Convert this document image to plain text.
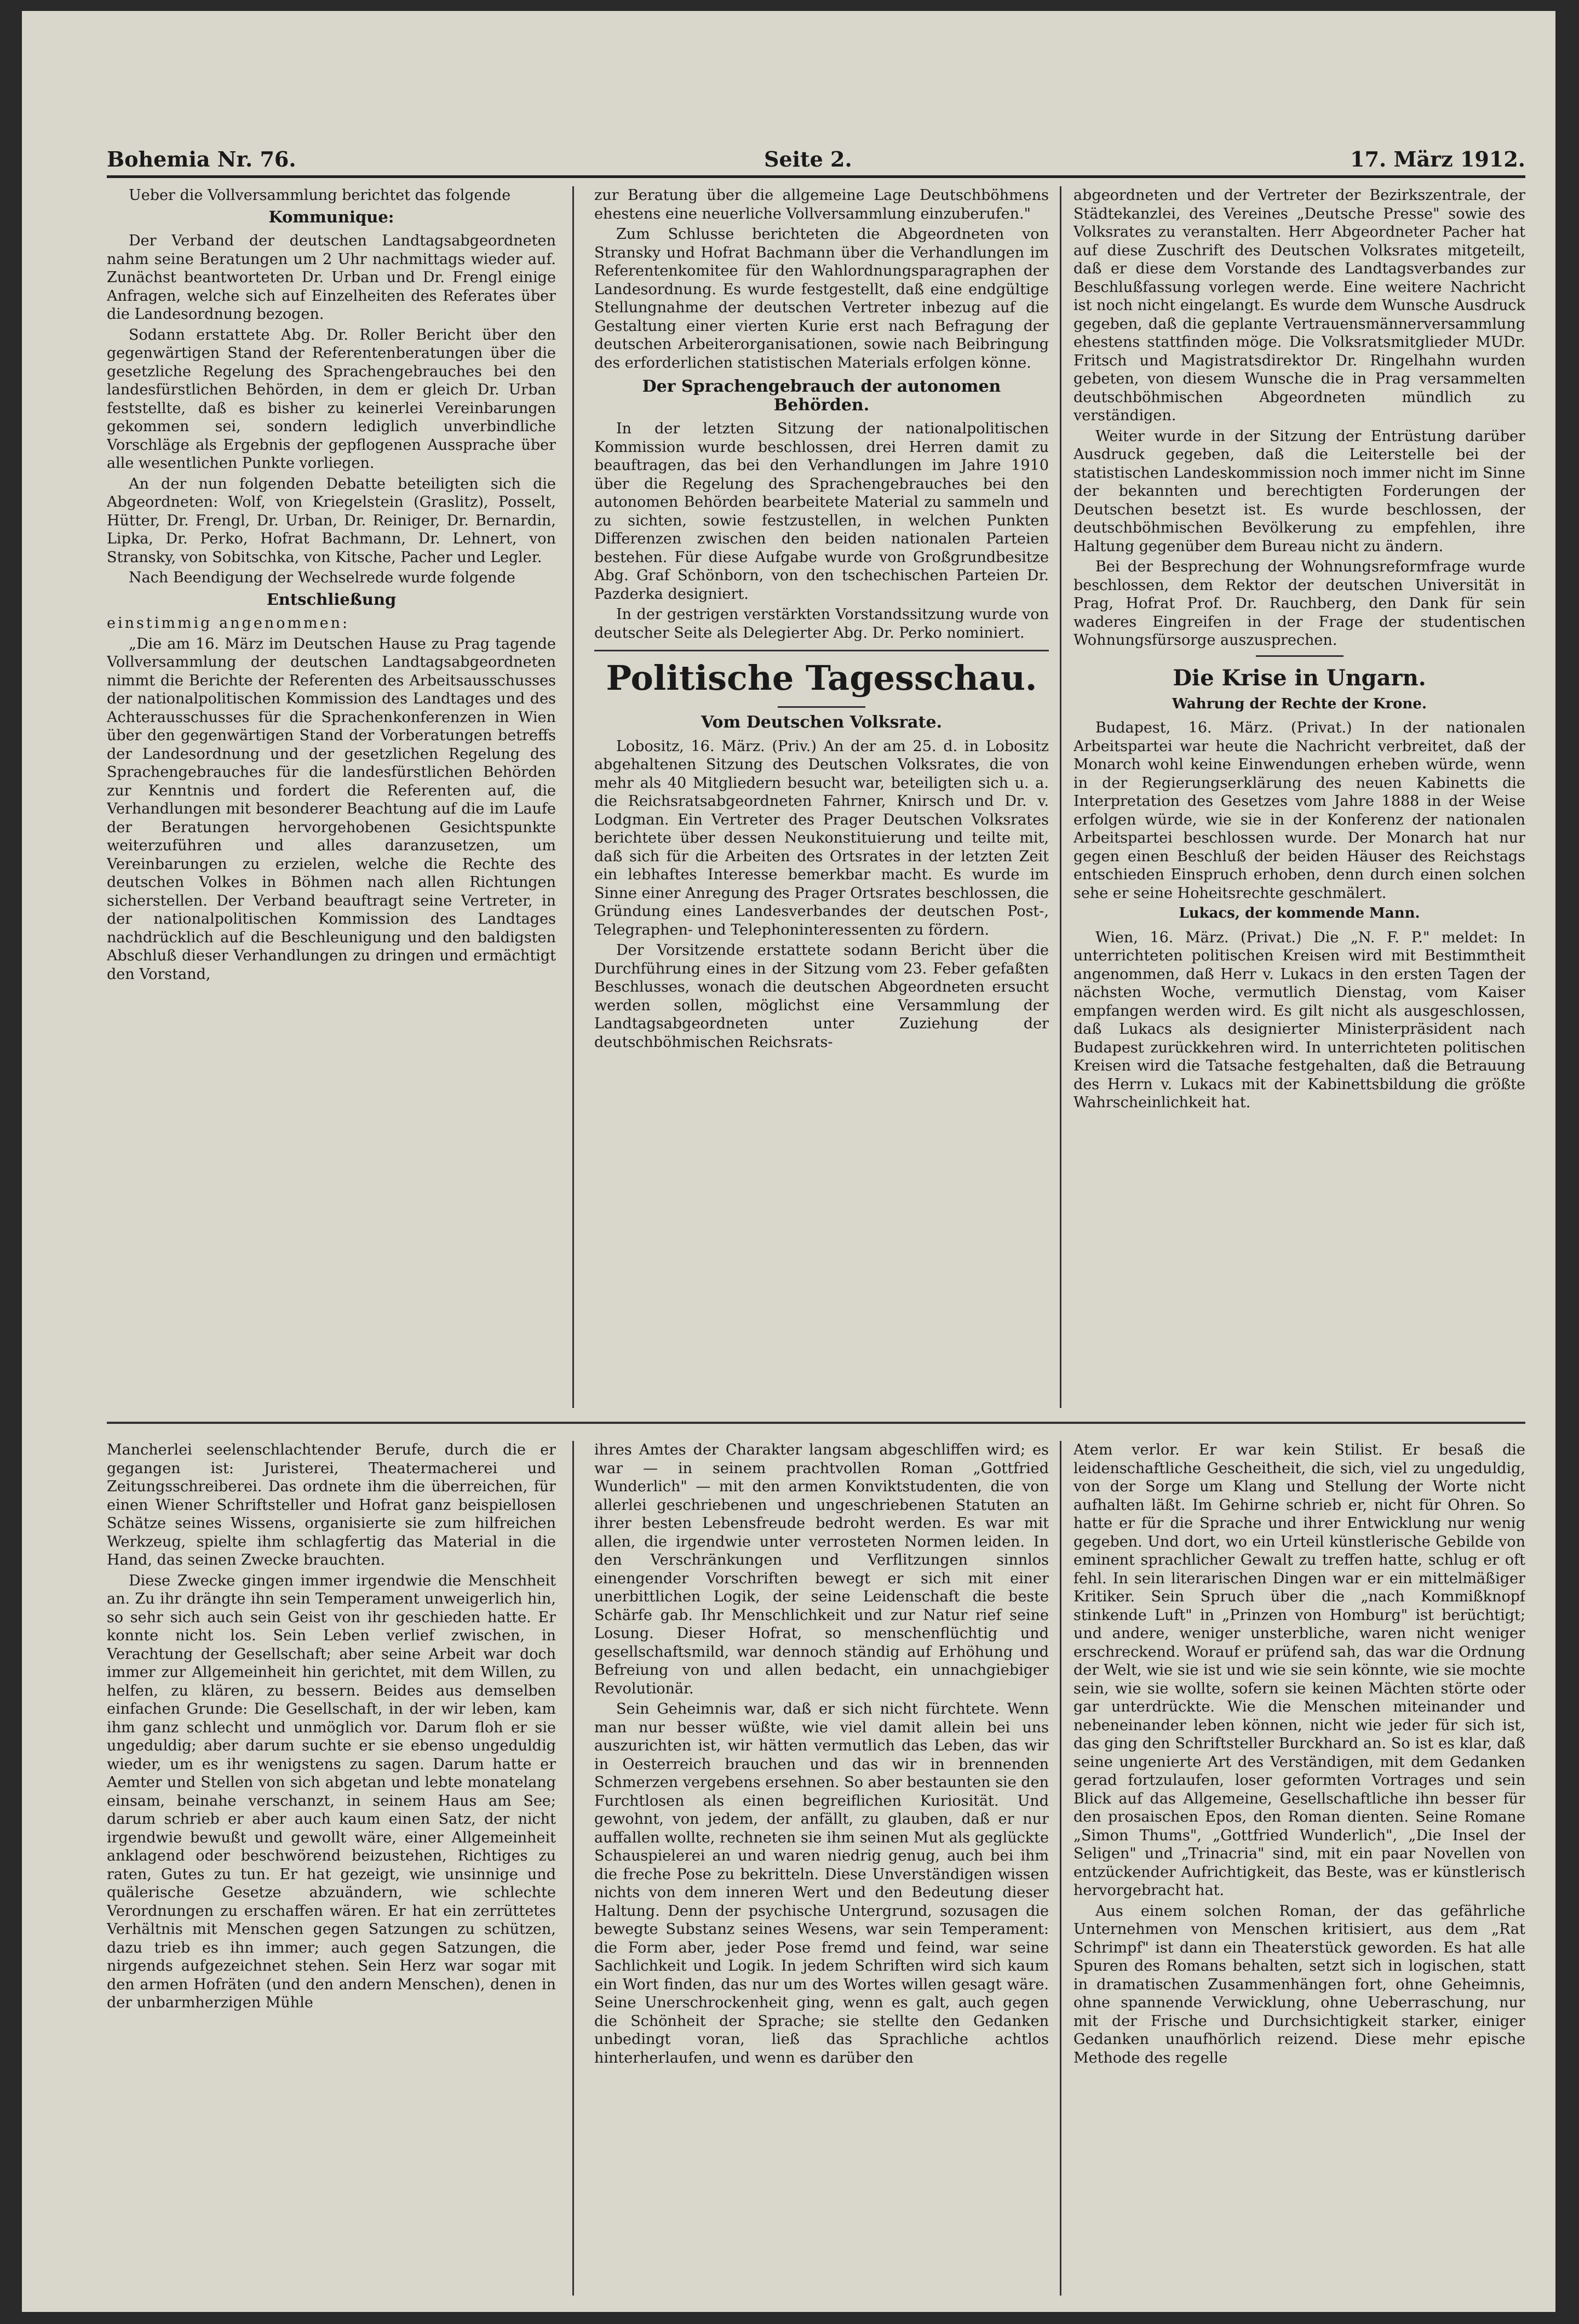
Bohemia Nr. 76.	Seite 2.	17. März 1912.

Ueber die Vollversammlung berichtet das folgende

Kommunique:

Der Verband der deutschen Landtagsabgeordneten nahm seine Beratungen um 2 Uhr nachmittags wieder auf. Zunächst beantworteten Dr. Urban und Dr. Frengl einige Anfragen, welche sich auf Einzelheiten des Referates über die Landesordnung bezogen.

Sodann erstattete Abg. Dr. Roller Bericht über den gegenwärtigen Stand der Referentenberatungen über die gesetzliche Regelung des Sprachengebrauches bei den landesfürstlichen Behörden, in dem er gleich Dr. Urban feststellte, daß es bisher zu keinerlei Vereinbarungen gekommen sei, sondern lediglich unverbindliche Vorschläge als Ergebnis der gepflogenen Aussprache über alle wesentlichen Punkte vorliegen.

An der nun folgenden Debatte beteiligten sich die Abgeordneten: Wolf, von Kriegelstein (Graslitz), Posselt, Hütter, Dr. Frengl, Dr. Urban, Dr. Reiniger, Dr. Bernardin, Lipka, Dr. Perko, Hofrat Bachmann, Dr. Lehnert, von Stransky, von Sobitschka, von Kitsche, Pacher und Legler.

Nach Beendigung der Wechselrede wurde folgende

Entschließung

einstimmig angenommen:

„Die am 16. März im Deutschen Hause zu Prag tagende Vollversammlung der deutschen Landtagsabgeordneten nimmt die Berichte der Referenten des Arbeitsausschusses der nationalpolitischen Kommission des Landtages und des Achterausschusses für die Sprachenkonferenzen in Wien über den gegenwärtigen Stand der Vorberatungen betreffs der Landesordnung und der gesetzlichen Regelung des Sprachengebrauches für die landesfürstlichen Behörden zur Kenntnis und fordert die Referenten auf, die Verhandlungen mit besonderer Beachtung auf die im Laufe der Beratungen hervorgehobenen Gesichtspunkte weiterzuführen und alles daranzusetzen, um Vereinbarungen zu erzielen, welche die Rechte des deutschen Volkes in Böhmen nach allen Richtungen sicherstellen. Der Verband beauftragt seine Vertreter, in der nationalpolitischen Kommission des Landtages nachdrücklich auf die Beschleunigung und den baldigsten Abschluß dieser Verhandlungen zu dringen und ermächtigt den Vorstand,

zur Beratung über die allgemeine Lage Deutschböhmens ehestens eine neuerliche Vollversammlung einzuberufen."

Zum Schlusse berichteten die Abgeordneten von Stransky und Hofrat Bachmann über die Verhandlungen im Referentenkomitee für den Wahlordnungsparagraphen der Landesordnung. Es wurde festgestellt, daß eine endgültige Stellungnahme der deutschen Vertreter inbezug auf die Gestaltung einer vierten Kurie erst nach Befragung der deutschen Arbeiterorganisationen, sowie nach Beibringung des erforderlichen statistischen Materials erfolgen könne.

Der Sprachengebrauch der autonomen Behörden.

In der letzten Sitzung der nationalpolitischen Kommission wurde beschlossen, drei Herren damit zu beauftragen, das bei den Verhandlungen im Jahre 1910 über die Regelung des Sprachengebrauches bei den autonomen Behörden bearbeitete Material zu sammeln und zu sichten, sowie festzustellen, in welchen Punkten Differenzen zwischen den beiden nationalen Parteien bestehen. Für diese Aufgabe wurde von Großgrundbesitze Abg. Graf Schönborn, von den tschechischen Parteien Dr. Pazderka designiert.

In der gestrigen verstärkten Vorstandssitzung wurde von deutscher Seite als Delegierter Abg. Dr. Perko nominiert.

Politische Tagesschau.
Vom Deutschen Volksrate.

Lobositz, 16. März. (Priv.) An der am 25. d. in Lobositz abgehaltenen Sitzung des Deutschen Volksrates, die von mehr als 40 Mitgliedern besucht war, beteiligten sich u. a. die Reichsratsabgeordneten Fahrner, Knirsch und Dr. v. Lodgman. Ein Vertreter des Prager Deutschen Volksrates berichtete über dessen Neukonstituierung und teilte mit, daß sich für die Arbeiten des Ortsrates in der letzten Zeit ein lebhaftes Interesse bemerkbar macht. Es wurde im Sinne einer Anregung des Prager Ortsrates beschlossen, die Gründung eines Landesverbandes der deutschen Post-, Telegraphen- und Telephoninteressenten zu fördern.

Der Vorsitzende erstattete sodann Bericht über die Durchführung eines in der Sitzung vom 23. Feber gefaßten Beschlusses, wonach die deutschen Abgeordneten ersucht werden sollen, möglichst eine Versammlung der Landtagsabgeordneten unter Zuziehung der deutschböhmischen Reichsrats-

abgeordneten und der Vertreter der Bezirkszentrale, der Städtekanzlei, des Vereines „Deutsche Presse" sowie des Volksrates zu veranstalten. Herr Abgeordneter Pacher hat auf diese Zuschrift des Deutschen Volksrates mitgeteilt, daß er diese dem Vorstande des Landtagsverbandes zur Beschlußfassung vorlegen werde. Eine weitere Nachricht ist noch nicht eingelangt. Es wurde dem Wunsche Ausdruck gegeben, daß die geplante Vertrauensmännerversammlung ehestens stattfinden möge. Die Volksratsmitglieder MUDr. Fritsch und Magistratsdirektor Dr. Ringelhahn wurden gebeten, von diesem Wunsche die in Prag versammelten deutschböhmischen Abgeordneten mündlich zu verständigen.

Weiter wurde in der Sitzung der Entrüstung darüber Ausdruck gegeben, daß die Leiterstelle bei der statistischen Landeskommission noch immer nicht im Sinne der bekannten und berechtigten Forderungen der Deutschen besetzt ist. Es wurde beschlossen, der deutschböhmischen Bevölkerung zu empfehlen, ihre Haltung gegenüber dem Bureau nicht zu ändern.

Bei der Besprechung der Wohnungsreformfrage wurde beschlossen, dem Rektor der deutschen Universität in Prag, Hofrat Prof. Dr. Rauchberg, den Dank für sein waderes Eingreifen in der Frage der studentischen Wohnungsfürsorge auszusprechen.

Die Krise in Ungarn.
Wahrung der Rechte der Krone.

Budapest, 16. März. (Privat.) In der nationalen Arbeitspartei war heute die Nachricht verbreitet, daß der Monarch wohl keine Einwendungen erheben würde, wenn in der Regierungserklärung des neuen Kabinetts die Interpretation des Gesetzes vom Jahre 1888 in der Weise erfolgen würde, wie sie in der Konferenz der nationalen Arbeitspartei beschlossen wurde. Der Monarch hat nur gegen einen Beschluß der beiden Häuser des Reichstags entschieden Einspruch erhoben, denn durch einen solchen sehe er seine Hoheitsrechte geschmälert.

Lukacs, der kommende Mann.

Wien, 16. März. (Privat.) Die „N. F. P." meldet: In unterrichteten politischen Kreisen wird mit Bestimmtheit angenommen, daß Herr v. Lukacs in den ersten Tagen der nächsten Woche, vermutlich Dienstag, vom Kaiser empfangen werden wird. Es gilt nicht als ausgeschlossen, daß Lukacs als designierter Ministerpräsident nach Budapest zurückkehren wird. In unterrichteten politischen Kreisen wird die Tatsache festgehalten, daß die Betrauung des Herrn v. Lukacs mit der Kabinettsbildung die größte Wahrscheinlichkeit hat.

Mancherlei seelenschlachtender Berufe, durch die er gegangen ist: Juristerei, Theatermacherei und Zeitungsschreiberei. Das ordnete ihm die überreichen, für einen Wiener Schriftsteller und Hofrat ganz beispiellosen Schätze seines Wissens, organisierte sie zum hilfreichen Werkzeug, spielte ihm schlagfertig das Material in die Hand, das seinen Zwecke brauchten.

Diese Zwecke gingen immer irgendwie die Menschheit an. Zu ihr drängte ihn sein Temperament unweigerlich hin, so sehr sich auch sein Geist von ihr geschieden hatte. Er konnte nicht los. Sein Leben verlief zwischen, in Verachtung der Gesellschaft; aber seine Arbeit war doch immer zur Allgemeinheit hin gerichtet, mit dem Willen, zu helfen, zu klären, zu bessern. Beides aus demselben einfachen Grunde: Die Gesellschaft, in der wir leben, kam ihm ganz schlecht und unmöglich vor. Darum floh er sie ungeduldig; aber darum suchte er sie ebenso ungeduldig wieder, um es ihr wenigstens zu sagen. Darum hatte er Aemter und Stellen von sich abgetan und lebte monatelang einsam, beinahe verschanzt, in seinem Haus am See; darum schrieb er aber auch kaum einen Satz, der nicht irgendwie bewußt und gewollt wäre, einer Allgemeinheit anklagend oder beschwörend beizustehen, Richtiges zu raten, Gutes zu tun. Er hat gezeigt, wie unsinnige und quälerische Gesetze abzuändern, wie schlechte Verordnungen zu erschaffen wären. Er hat ein zerrüttetes Verhältnis mit Menschen gegen Satzungen zu schützen, dazu trieb es ihn immer; auch gegen Satzungen, die nirgends aufgezeichnet stehen. Sein Herz war sogar mit den armen Hofräten (und den andern Menschen), denen in der unbarmherzigen Mühle

ihres Amtes der Charakter langsam abgeschliffen wird; es war — in seinem prachtvollen Roman „Gottfried Wunderlich" — mit den armen Konviktstudenten, die von allerlei geschriebenen und ungeschriebenen Statuten an ihrer besten Lebensfreude bedroht werden. Es war mit allen, die irgendwie unter verrosteten Normen leiden. In den Verschränkungen und Verflitzungen sinnlos einengender Vorschriften bewegt er sich mit einer unerbittlichen Logik, der seine Leidenschaft die beste Schärfe gab. Ihr Menschlichkeit und zur Natur rief seine Losung. Dieser Hofrat, so menschenflüchtig und gesellschaftsmild, war dennoch ständig auf Erhöhung und Befreiung von und allen bedacht, ein unnachgiebiger Revolutionär.

Sein Geheimnis war, daß er sich nicht fürchtete. Wenn man nur besser wüßte, wie viel damit allein bei uns auszurichten ist, wir hätten vermutlich das Leben, das wir in Oesterreich brauchen und das wir in brennenden Schmerzen vergebens ersehnen. So aber bestaunten sie den Furchtlosen als einen begreiflichen Kuriosität. Und gewohnt, von jedem, der anfällt, zu glauben, daß er nur auffallen wollte, rechneten sie ihm seinen Mut als geglückte Schauspielerei an und waren niedrig genug, auch bei ihm die freche Pose zu bekritteln. Diese Unverständigen wissen nichts von dem inneren Wert und den Bedeutung dieser Haltung. Denn der psychische Untergrund, sozusagen die bewegte Substanz seines Wesens, war sein Temperament: die Form aber, jeder Pose fremd und feind, war seine Sachlichkeit und Logik. In jedem Schriften wird sich kaum ein Wort finden, das nur um des Wortes willen gesagt wäre. Seine Unerschrockenheit ging, wenn es galt, auch gegen die Schönheit der Sprache; sie stellte den Gedanken unbedingt voran, ließ das Sprachliche achtlos hinterherlaufen, und wenn es darüber den

Atem verlor. Er war kein Stilist. Er besaß die leidenschaftliche Gescheitheit, die sich, viel zu ungeduldig, von der Sorge um Klang und Stellung der Worte nicht aufhalten läßt. Im Gehirne schrieb er, nicht für Ohren. So hatte er für die Sprache und ihrer Entwicklung nur wenig gegeben. Und dort, wo ein Urteil künstlerische Gebilde von eminent sprachlicher Gewalt zu treffen hatte, schlug er oft fehl. In sein literarischen Dingen war er ein mittelmäßiger Kritiker. Sein Spruch über die „nach Kommißknopf stinkende Luft" in „Prinzen von Homburg" ist berüchtigt; und andere, weniger unsterbliche, waren nicht weniger erschreckend. Worauf er prüfend sah, das war die Ordnung der Welt, wie sie ist und wie sie sein könnte, wie sie mochte sein, wie sie wollte, sofern sie keinen Mächten störte oder gar unterdrückte. Wie die Menschen miteinander und nebeneinander leben können, nicht wie jeder für sich ist, das ging den Schriftsteller Burckhard an. So ist es klar, daß seine ungenierte Art des Verständigen, mit dem Gedanken gerad fortzulaufen, loser geformten Vortrages und sein Blick auf das Allgemeine, Gesellschaftliche ihn besser für den prosaischen Epos, den Roman dienten. Seine Romane „Simon Thums", „Gottfried Wunderlich", „Die Insel der Seligen" und „Trinacria" sind, mit ein paar Novellen von entzückender Aufrichtigkeit, das Beste, was er künstlerisch hervorgebracht hat.

Aus einem solchen Roman, der das gefährliche Unternehmen von Menschen kritisiert, aus dem „Rat Schrimpf" ist dann ein Theaterstück geworden. Es hat alle Spuren des Romans behalten, setzt sich in logischen, statt in dramatischen Zusammenhängen fort, ohne Geheimnis, ohne spannende Verwicklung, ohne Ueberraschung, nur mit der Frische und Durchsichtigkeit starker, einiger Gedanken unaufhörlich reizend. Diese mehr epische Methode des regelle
